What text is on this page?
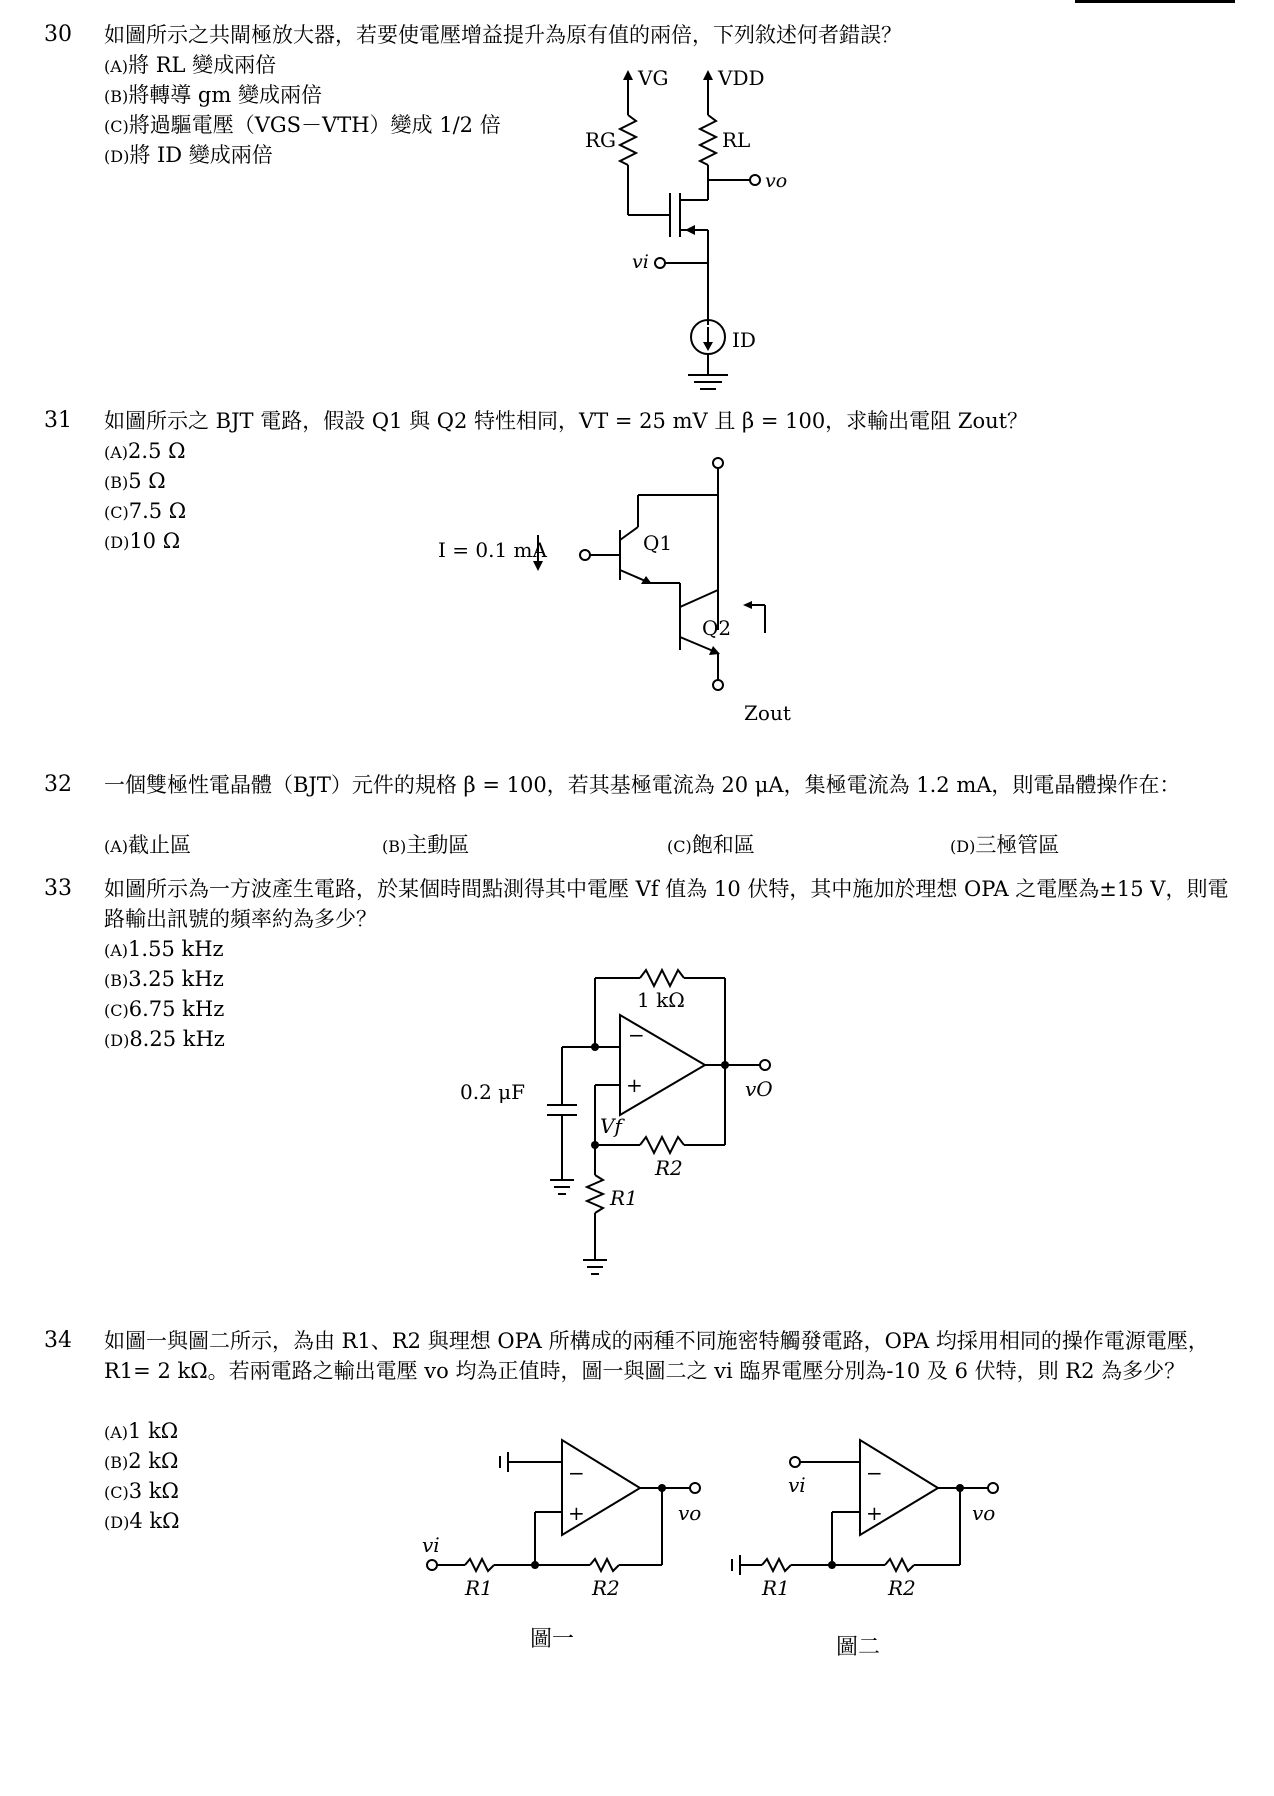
30 如圖所示之共閘極放大器，若要使電壓增益提升為原有值的兩倍，下列敘述何者錯誤？
(A)將 RL 變成兩倍
(B)將轉導 gm 變成兩倍
(C)將過驅電壓（VGS－VTH）變成 1/2 倍
(D)將 ID 變成兩倍
VG VDD
RG	RL
vo
vi
ID
31 如圖所示之 BJT 電路，假設 Q1 與 Q2 特性相同，VT = 25 mV 且 β = 100，求輸出電阻 Zout？
(A)2.5 Ω
(B)5 Ω
(C)7.5 Ω
(D)10 Ω	Q1
Q2
I = 0.1 mA
Zout
32 一個雙極性電晶體（BJT）元件的規格 β = 100，若其基極電流為 20 μA，集極電流為 1.2 mA，則電晶體操作在：
(A)截止區	(B)主動區	(C)飽和區	(D)三極管區
33 如圖所示為一方波產生電路，於某個時間點測得其中電壓 Vf 值為 10 伏特，其中施加於理想 OPA 之電壓為±15 V，則電路輸出訊號的頻率約為多少？
(A)1.55 kHz
(B)3.25 kHz
(C)6.75 kHz
(D)8.25 kHz
1 kΩ
−
+
0.2 μF	vO
Vf
R2
R1
34 如圖一與圖二所示，為由 R1、R2 與理想 OPA 所構成的兩種不同施密特觸發電路，OPA 均採用相同的操作電源電壓，R1= 2 kΩ。若兩電路之輸出電壓 vo 均為正值時，圖一與圖二之 vi 臨界電壓分別為-10 及 6 伏特，則 R2 為多少？
(A)1 kΩ
(B)2 kΩ
(C)3 kΩ
(D)4 kΩ
−
+	vo
vi
R1	R2
圖一
−
+	vo
vi
R1	R2
圖二
